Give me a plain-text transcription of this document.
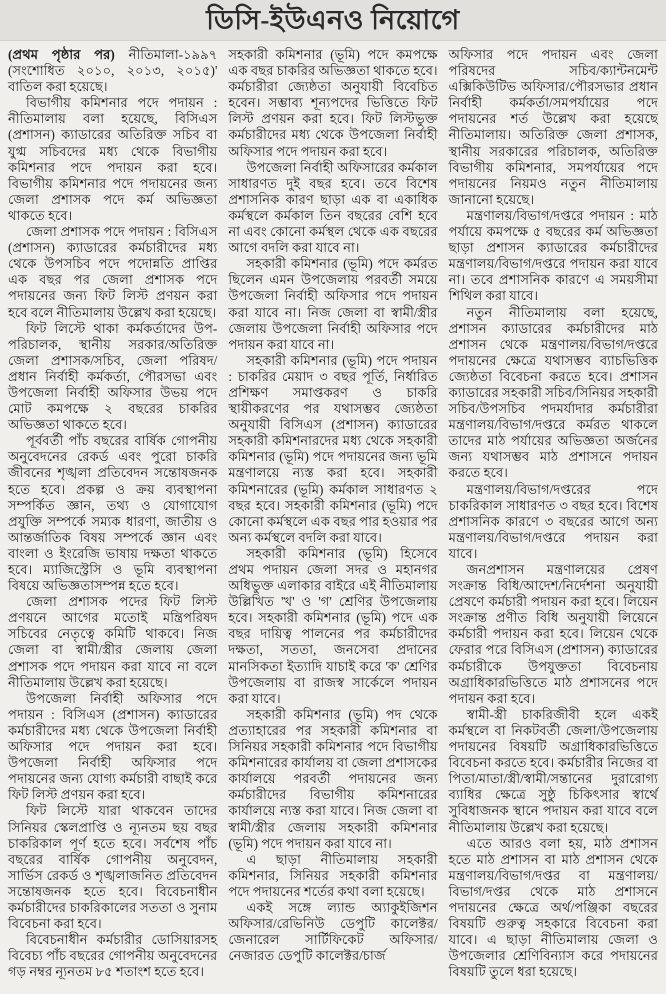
ডিসি-ইউএনও নিয়োগে

(প্রথম পৃষ্ঠার পর) নীতিমালা-১৯৯৭ (সংশোধিত ২০১০, ২০১৩, ২০১৫)' বাতিল করা হয়েছে।

বিভাগীয় কমিশনার পদে পদায়ন : নীতিমালায় বলা হয়েছে, বিসিএস (প্রশাসন) ক্যাডারের অতিরিক্ত সচিব বা যুগ্ম সচিবদের মধ্য থেকে বিভাগীয় কমিশনার পদে পদায়ন করা হবে। বিভাগীয় কমিশনার পদে পদায়নের জন্য জেলা প্রশাসক পদে কর্ম অভিজ্ঞতা থাকতে হবে।

জেলা প্রশাসক পদে পদায়ন : বিসিএস (প্রশাসন) ক্যাডারের কর্মচারীদের মধ্য থেকে উপসচিব পদে পদোন্নতি প্রাপ্তির এক বছর পর জেলা প্রশাসক পদে পদায়নের জন্য ফিট লিস্ট প্রণয়ন করা হবে বলে নীতিমালায় উল্লেখ করা হয়েছে।

ফিট লিস্টে থাকা কর্মকর্তাদের উপ-পরিচালক, স্থানীয় সরকার/অতিরিক্ত জেলা প্রশাসক/সচিব, জেলা পরিষদ/প্রধান নির্বাহী কর্মকর্তা, পৌরসভা এবং উপজেলা নির্বাহী অফিসার উভয় পদে মোট কমপক্ষে ২ বছরের চাকরির অভিজ্ঞতা থাকতে হবে।

পূর্ববর্তী পাঁচ বছরের বার্ষিক গোপনীয় অনুবেদনের রেকর্ড এবং পুরো চাকরি জীবনের শৃঙ্খলা প্রতিবেদন সন্তোষজনক হতে হবে। প্রকল্প ও ক্রয় ব্যবস্থাপনা সম্পর্কিত জ্ঞান, তথ্য ও যোগাযোগ প্রযুক্তি সম্পর্কে সম্যক ধারণা, জাতীয় ও আন্তর্জাতিক বিষয় সম্পর্কে জ্ঞান এবং বাংলা ও ইংরেজি ভাষায় দক্ষতা থাকতে হবে। ম্যাজিস্ট্রেসি ও ভূমি ব্যবস্থাপনা বিষয়ে অভিজ্ঞতাসম্পন্ন হতে হবে।

জেলা প্রশাসক পদের ফিট লিস্ট প্রণয়নে আগের মতোই মন্ত্রিপরিষদ সচিবের নেতৃত্বে কমিটি থাকবে। নিজ জেলা বা স্বামী/স্ত্রীর জেলায় জেলা প্রশাসক পদে পদায়ন করা যাবে না বলে নীতিমালায় উল্লেখ করা হয়েছে।

উপজেলা নির্বাহী অফিসার পদে পদায়ন : বিসিএস (প্রশাসন) ক্যাডারের কর্মচারীদের মধ্য থেকে উপজেলা নির্বাহী অফিসার পদে পদায়ন করা হবে। উপজেলা নির্বাহী অফিসার পদে পদায়নের জন্য যোগ্য কর্মচারী বাছাই করে ফিট লিস্ট প্রণয়ন করা হবে।

ফিট লিস্টে যারা থাকবেন তাদের সিনিয়র স্কেলপ্রাপ্তি ও ন্যূনতম ছয় বছর চাকরিকাল পূর্ণ হতে হবে। সর্বশেষ পাঁচ বছরের বার্ষিক গোপনীয় অনুবেদন, সার্ভিস রেকর্ড ও শৃঙ্খলাজনিত প্রতিবেদন সন্তোষজনক হতে হবে। বিবেচনাধীন কর্মচারীদের চাকরিকালের সততা ও সুনাম বিবেচনা করা হবে।

বিবেচনাধীন কর্মচারীর ডোসিয়ারসহ বিবেচ্য পাঁচ বছরের গোপনীয় অনুবেদনের গড় নম্বর ন্যূনতম ৮৫ শতাংশ হতে হবে।

সহকারী কমিশনার (ভূমি) পদে কমপক্ষে এক বছর চাকরির অভিজ্ঞতা থাকতে হবে। কর্মচারীরা জ্যেষ্ঠতা অনুযায়ী বিবেচিত হবেন। সম্ভাব্য শূন্যপদের ভিত্তিতে ফিট লিস্ট প্রণয়ন করা হবে। ফিট লিস্টভুক্ত কর্মচারীদের মধ্য থেকে উপজেলা নির্বাহী অফিসার পদে পদায়ন করা হবে।

উপজেলা নির্বাহী অফিসারের কর্মকাল সাধারণত দুই বছর হবে। তবে বিশেষ প্রশাসনিক কারণ ছাড়া এক বা একাধিক কর্মস্থলে কর্মকাল তিন বছরের বেশি হবে না এবং কোনো কর্মস্থল থেকে এক বছরের আগে বদলি করা যাবে না।

সহকারী কমিশনার (ভূমি) পদে কর্মরত ছিলেন এমন উপজেলায় পরবর্তী সময়ে উপজেলা নির্বাহী অফিসার পদে পদায়ন করা যাবে না। নিজ জেলা বা স্বামী/স্ত্রীর জেলায় উপজেলা নির্বাহী অফিসার পদে পদায়ন করা যাবে না।

সহকারী কমিশনার (ভূমি) পদে পদায়ন : চাকরির মেয়াদ ৩ বছর পূর্তি, নির্ধারিত প্রশিক্ষণ সমাপ্তকরণ ও চাকরি স্থায়ীকরণের পর যথাসম্ভব জ্যেষ্ঠতা অনুযায়ী বিসিএস (প্রশাসন) ক্যাডারের সহকারী কমিশনারদের মধ্য থেকে সহকারী কমিশনার (ভূমি) পদে পদায়নের জন্য ভূমি মন্ত্রণালয়ে ন্যস্ত করা হবে। সহকারী কমিশনারের (ভূমি) কর্মকাল সাধারণত ২ বছর হবে। সহকারী কমিশনার (ভূমি) পদে কোনো কর্মস্থলে এক বছর পার হওয়ার পর অন্য কর্মস্থলে বদলি করা যাবে।

সহকারী কমিশনার (ভূমি) হিসেবে প্রথম পদায়ন জেলা সদর ও মহানগর অধিভুক্ত এলাকার বাইরে এই নীতিমালায় উল্লিখিত 'খ' ও 'গ' শ্রেণির উপজেলায় হবে। সহকারী কমিশনার (ভূমি) পদে এক বছর দায়িত্ব পালনের পর কর্মচারীদের দক্ষতা, সততা, জনসেবা প্রদানের মানসিকতা ইত্যাদি যাচাই করে 'ক' শ্রেণির উপজেলায় বা রাজস্ব সার্কেলে পদায়ন করা যাবে।

সহকারী কমিশনার (ভূমি) পদ থেকে প্রত্যাহারের পর সহকারী কমিশনার বা সিনিয়র সহকারী কমিশনার পদে বিভাগীয় কমিশনারের কার্যালয় বা জেলা প্রশাসকের কার্যালয়ে পরবর্তী পদায়নের জন্য কর্মচারীদের বিভাগীয় কমিশনারের কার্যালয়ে ন্যস্ত করা যাবে। নিজ জেলা বা স্বামী/স্ত্রীর জেলায় সহকারী কমিশনার (ভূমি) পদে পদায়ন করা যাবে না।

এ ছাড়া নীতিমালায় সহকারী কমিশনার, সিনিয়র সহকারী কমিশনার পদে পদায়নের শর্তের কথা বলা হয়েছে।

একই সঙ্গে ল্যান্ড অ্যাকুইজিশন অফিসার/রেভিনিউ ডেপুটি কালেক্টর/জেনারেল সার্টিফিকেট অফিসার/নেজারত ডেপুটি কালেক্টর/চার্জ

অফিসার পদে পদায়ন এবং জেলা পরিষদের সচিব/ক্যান্টনমেন্ট এক্সিকিউটিভ অফিসার/পৌরসভার প্রধান নির্বাহী কর্মকর্তা/সমপর্যায়ের পদে পদায়নের শর্ত উল্লেখ করা হয়েছে নীতিমালায়। অতিরিক্ত জেলা প্রশাসক, স্থানীয় সরকারের পরিচালক, অতিরিক্ত বিভাগীয় কমিশনার, সমপর্যায়ের পদে পদায়নের নিয়মও নতুন নীতিমালায় জানানো হয়েছে।

মন্ত্রণালয়/বিভাগ/দপ্তরে পদায়ন : মাঠ পর্যায়ে কমপক্ষে ৫ বছরের কর্ম অভিজ্ঞতা ছাড়া প্রশাসন ক্যাডারের কর্মচারীদের মন্ত্রণালয়/বিভাগ/দপ্তরে পদায়ন করা যাবে না। তবে প্রশাসনিক কারণে এ সময়সীমা শিথিল করা যাবে।

নতুন নীতিমালায় বলা হয়েছে, প্রশাসন ক্যাডারের কর্মচারীদের মাঠ প্রশাসন থেকে মন্ত্রণালয়/বিভাগ/দপ্তরে পদায়নের ক্ষেত্রে যথাসম্ভব ব্যাচভিত্তিক জ্যেষ্ঠতা বিবেচনা করতে হবে। প্রশাসন ক্যাডারের সহকারী সচিব/সিনিয়র সহকারী সচিব/উপসচিব পদমর্যাদার কর্মচারীরা মন্ত্রণালয়/বিভাগ/দপ্তরে কর্মরত থাকলে তাদের মাঠ পর্যায়ের অভিজ্ঞতা অর্জনের জন্য যথাসম্ভব মাঠ প্রশাসনে পদায়ন করতে হবে।

মন্ত্রণালয়/বিভাগ/দপ্তরের পদে চাকরিকাল সাধারণত ৩ বছর হবে। বিশেষ প্রশাসনিক কারণে ৩ বছরের আগে অন্য মন্ত্রণালয়/বিভাগ/দপ্তরে পদায়ন করা যাবে।

জনপ্রশাসন মন্ত্রণালয়ের প্রেষণ সংক্রান্ত বিধি/আদেশ/নির্দেশনা অনুযায়ী প্রেষণে কর্মচারী পদায়ন করা হবে। লিয়েন সংক্রান্ত প্রণীত বিধি অনুযায়ী লিয়েনে কর্মচারী পদায়ন করা হবে। লিয়েন থেকে ফেরার পরে বিসিএস (প্রশাসন) ক্যাডারের কর্মচারীকে উপযুক্ততা বিবেচনায় অগ্রাধিকারভিত্তিতে মাঠ প্রশাসনের পদে পদায়ন করা হবে।

স্বামী-স্ত্রী চাকরিজীবী হলে একই কর্মস্থলে বা নিকটবর্তী জেলা/উপজেলায় পদায়নের বিষয়টি অগ্রাধিকারভিত্তিতে বিবেচনা করতে হবে। কর্মচারীর নিজের বা পিতা/মাতা/স্ত্রী/স্বামী/সন্তানের দুরারোগ্য ব্যাধির ক্ষেত্রে সুষ্ঠু চিকিৎসার স্বার্থে সুবিধাজনক স্থানে পদায়ন করা যাবে বলে নীতিমালায় উল্লেখ করা হয়েছে।

এতে আরও বলা হয়, মাঠ প্রশাসন হতে মাঠ প্রশাসন বা মাঠ প্রশাসন থেকে মন্ত্রণালয়/বিভাগ/দপ্তর বা মন্ত্রণালয়/বিভাগ/দপ্তর থেকে মাঠ প্রশাসনে পদায়নের ক্ষেত্রে অর্থ/পঞ্জিকা বছরের বিষয়টি গুরুত্ব সহকারে বিবেচনা করা যাবে। এ ছাড়া নীতিমালায় জেলা ও উপজেলার শ্রেণিবিন্যাস করে পদায়নের বিষয়টি তুলে ধরা হয়েছে।
